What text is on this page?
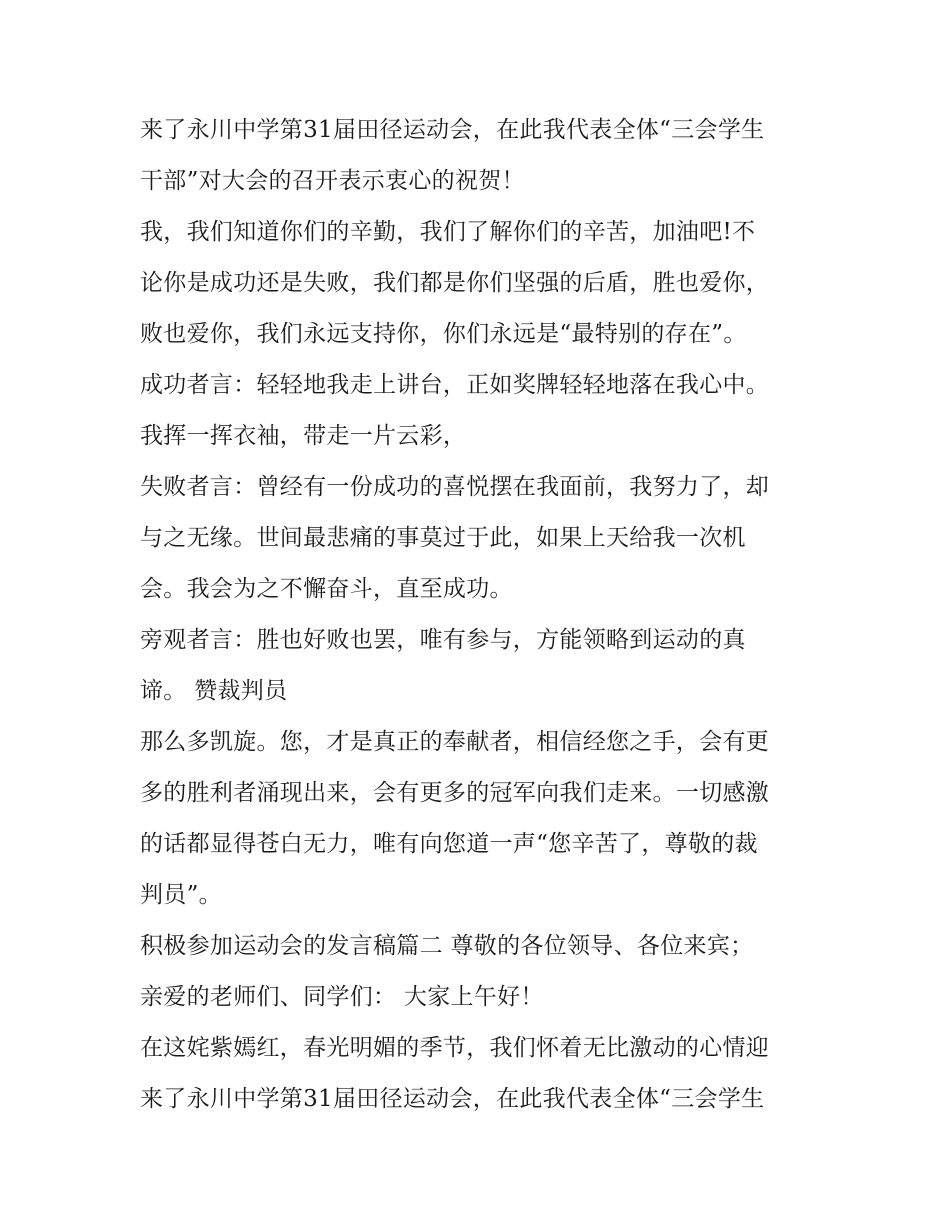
来了永川中学第31届田径运动会，在此我代表全体“三会学生
干部”对大会的召开表示衷心的祝贺！
我，我们知道你们的辛勤，我们了解你们的辛苦，加油吧!不
论你是成功还是失败，我们都是你们坚强的后盾，胜也爱你，
败也爱你，我们永远支持你，你们永远是“最特别的存在”。
成功者言：轻轻地我走上讲台，正如奖牌轻轻地落在我心中。
我挥一挥衣袖，带走一片云彩，
失败者言：曾经有一份成功的喜悦摆在我面前，我努力了，却
与之无缘。世间最悲痛的事莫过于此，如果上天给我一次机
会。我会为之不懈奋斗，直至成功。
旁观者言：胜也好败也罢，唯有参与，方能领略到运动的真
谛。 赞裁判员
那么多凯旋。您，才是真正的奉献者，相信经您之手，会有更
多的胜利者涌现出来，会有更多的冠军向我们走来。一切感激
的话都显得苍白无力，唯有向您道一声“您辛苦了，尊敬的裁
判员”。
积极参加运动会的发言稿篇二 尊敬的各位领导、各位来宾；
亲爱的老师们、同学们： 大家上午好！
在这姹紫嫣红，春光明媚的季节，我们怀着无比激动的心情迎
来了永川中学第31届田径运动会，在此我代表全体“三会学生
